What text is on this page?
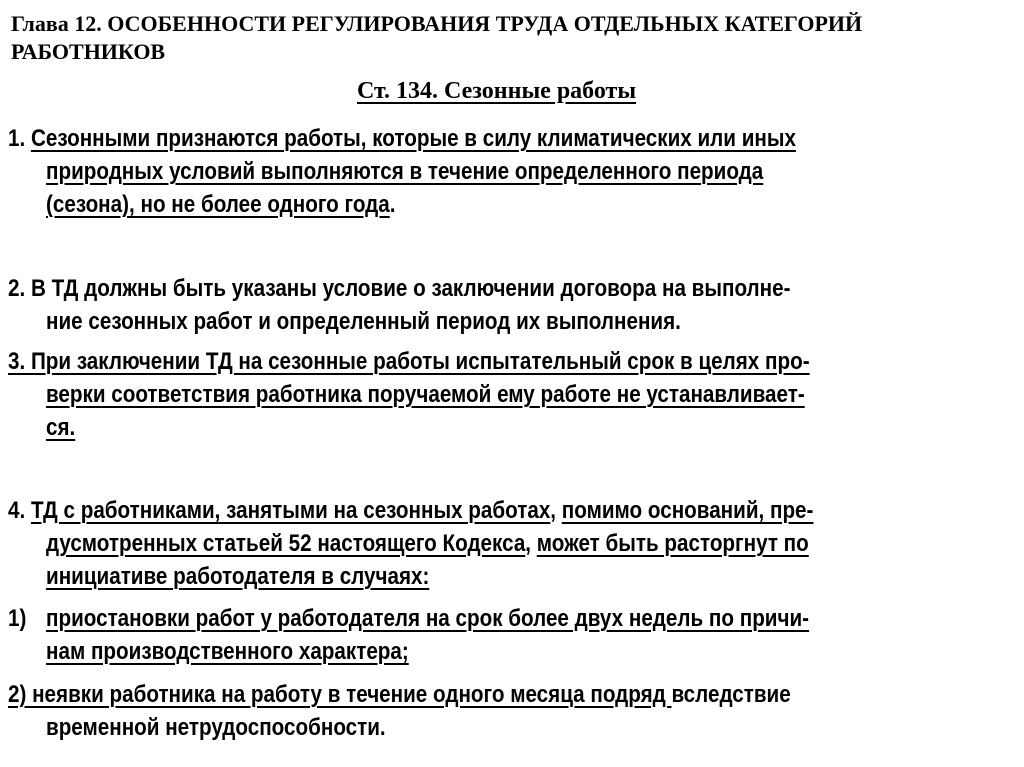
Глава 12. ОСОБЕННОСТИ РЕГУЛИРОВАНИЯ ТРУДА ОТДЕЛЬНЫХ КАТЕГОРИЙ РАБОТНИКОВ
Ст. 134. Сезонные работы
1. Сезонными признаются работы, которые в силу климатических или иных
природных условий выполняются в течение определенного периода
(сезона), но не более одного года.
2. В ТД должны быть указаны условие о заключении договора на выполне-
ние сезонных работ и определенный период их выполнения.
3. При заключении ТД на сезонные работы испытательный срок в целях про-
верки соответствия работника поручаемой ему работе не устанавливает-
ся.
4. ТД с работниками, занятыми на сезонных работах, помимо оснований, пре-
дусмотренных статьей 52 настоящего Кодекса, может быть расторгнут по
инициативе работодателя в случаях:
1) приостановки работ у работодателя на срок более двух недель по причи-
нам производственного характера;
2) неявки работника на работу в течение одного месяца подряд вследствие
временной нетрудоспособности.
